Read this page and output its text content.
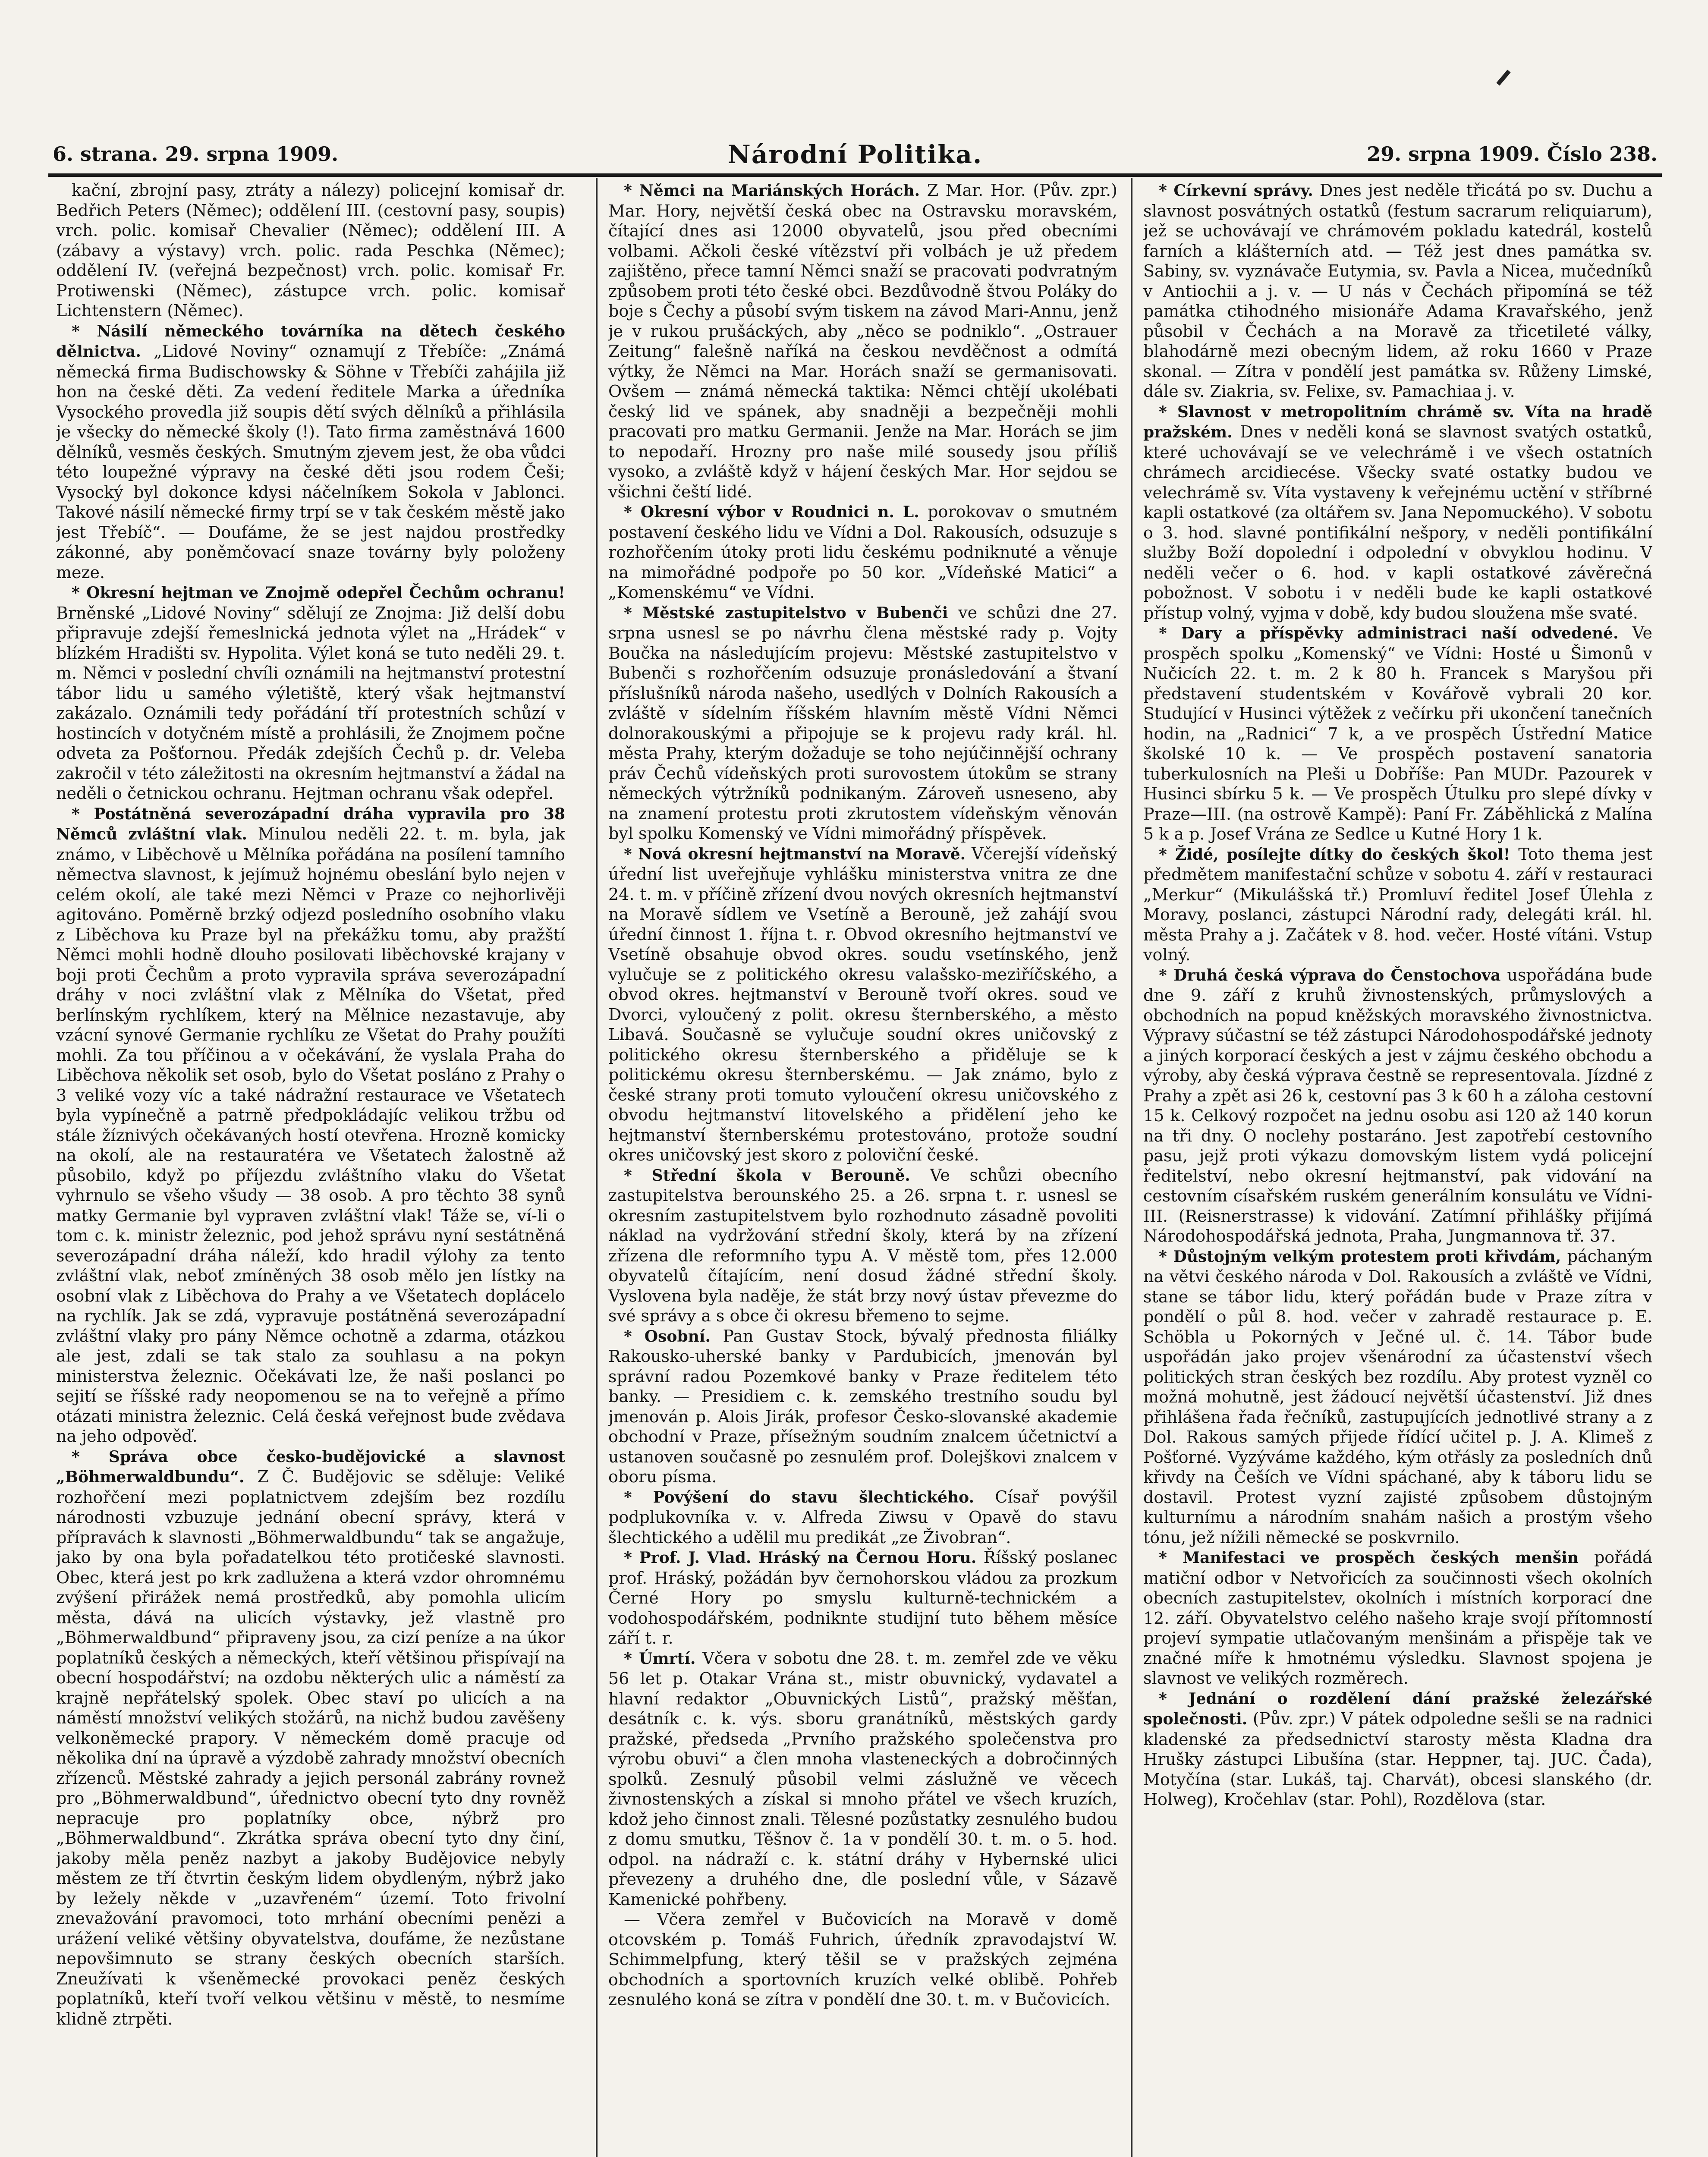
6. strana. 29. srpna 1909.	Národní Politika.	29. srpna 1909. Číslo 238.

kační, zbrojní pasy, ztráty a nálezy) policejní komisař dr. Bedřich Peters (Němec); oddělení III. (cestovní pasy, soupis) vrch. polic. komisař Chevalier (Němec); oddělení III. A (zábavy a výstavy) vrch. polic. rada Peschka (Němec); oddělení IV. (veřejná bezpečnost) vrch. polic. komisař Fr. Protiwenski (Němec), zástupce vrch. polic. komisař Lichtenstern (Němec).

* Násilí německého továrníka na dětech českého dělnictva. „Lidové Noviny“ oznamují z Třebíče: „Známá německá firma Budischowsky & Söhne v Třebíči zahájila již hon na české děti. Za vedení ředitele Marka a úředníka Vysockého provedla již soupis dětí svých dělníků a přihlásila je všecky do německé školy (!). Tato firma zaměstnává 1600 dělníků, vesměs českých. Smutným zjevem jest, že oba vůdci této loupežné výpravy na české děti jsou rodem Češi; Vysocký byl dokonce kdysi náčelníkem Sokola v Jablonci. Takové násilí německé firmy trpí se v tak českém městě jako jest Třebíč“. — Doufáme, že se jest najdou prostředky zákonné, aby poněmčovací snaze továrny byly položeny meze.

* Okresní hejtman ve Znojmě odepřel Čechům ochranu! Brněnské „Lidové Noviny“ sdělují ze Znojma: Již delší dobu připravuje zdejší řemeslnická jednota výlet na „Hrádek“ v blízkém Hradišti sv. Hypolita. Výlet koná se tuto neděli 29. t. m. Němci v poslední chvíli oznámili na hejtmanství protestní tábor lidu u samého výletiště, který však hejtmanství zakázalo. Oznámili tedy pořádání tří protestních schůzí v hostincích v dotyčném místě a prohlásili, že Znojmem počne odveta za Pošťornou. Předák zdejších Čechů p. dr. Veleba zakročil v této záležitosti na okresním hejtmanství a žádal na neděli o četnickou ochranu. Hejtman ochranu však odepřel.

* Postátněná severozápadní dráha vypravila pro 38 Němců zvláštní vlak. Minulou neděli 22. t. m. byla, jak známo, v Liběchově u Mělníka pořádána na posílení tamního němectva slavnost, k jejímuž hojnému obeslání bylo nejen v celém okolí, ale také mezi Němci v Praze co nejhorlivěji agitováno. Poměrně brzký odjezd posledního osobního vlaku z Liběchova ku Praze byl na překážku tomu, aby pražští Němci mohli hodně dlouho posilovati liběchovské krajany v boji proti Čechům a proto vypravila správa severozápadní dráhy v noci zvláštní vlak z Mělníka do Všetat, před berlínským rychlíkem, který na Mělnice nezastavuje, aby vzácní synové Germanie rychlíku ze Všetat do Prahy použíti mohli. Za tou příčinou a v očekávání, že vyslala Praha do Liběchova několik set osob, bylo do Všetat posláno z Prahy o 3 veliké vozy víc a také nádražní restaurace ve Všetatech byla vypínečně a patrně předpokládajíc velikou tržbu od stále žíznivých očekávaných hostí otevřena. Hrozně komicky na okolí, ale na restauratéra ve Všetatech žalostně až působilo, když po příjezdu zvláštního vlaku do Všetat vyhrnulo se všeho všudy — 38 osob. A pro těchto 38 synů matky Germanie byl vypraven zvláštní vlak! Táže se, ví-li o tom c. k. ministr železnic, pod jehož správu nyní sestátněná severozápadní dráha náleží, kdo hradil výlohy za tento zvláštní vlak, neboť zmíněných 38 osob mělo jen lístky na osobní vlak z Liběchova do Prahy a ve Všetatech doplácelo na rychlík. Jak se zdá, vypravuje postátněná severozápadní zvláštní vlaky pro pány Němce ochotně a zdarma, otázkou ale jest, zdali se tak stalo za souhlasu a na pokyn ministerstva železnic. Očekávati lze, že naši poslanci po sejití se říšské rady neopomenou se na to veřejně a přímo otázati ministra železnic. Celá česká veřejnost bude zvědava na jeho odpověď.

* Správa obce česko-budějovické a slavnost „Böhmerwaldbundu“. Z Č. Budějovic se sděluje: Veliké rozhořčení mezi poplatnictvem zdejším bez rozdílu národnosti vzbuzuje jednání obecní správy, která v přípravách k slavnosti „Böhmerwaldbundu“ tak se angažuje, jako by ona byla pořadatelkou této protičeské slavnosti. Obec, která jest po krk zadlužena a která vzdor ohromnému zvýšení přirážek nemá prostředků, aby pomohla ulicím města, dává na ulicích výstavky, jež vlastně pro „Böhmerwaldbund“ připraveny jsou, za cizí peníze a na úkor poplatníků českých a německých, kteří většinou přispívají na obecní hospodářství; na ozdobu některých ulic a náměstí za krajně nepřátelský spolek. Obec staví po ulicích a na náměstí množství velikých stožárů, na nichž budou zavěšeny velkoněmecké prapory. V německém domě pracuje od několika dní na úpravě a výzdobě zahrady množství obecních zřízenců. Městské zahrady a jejich personál zabrány rovnež pro „Böhmerwaldbund“, úřednictvo obecní tyto dny rovněž nepracuje pro poplatníky obce, nýbrž pro „Böhmerwaldbund“. Zkrátka správa obecní tyto dny činí, jakoby měla peněz nazbyt a jakoby Budějovice nebyly městem ze tří čtvrtin českým lidem obydleným, nýbrž jako by ležely někde v „uzavřeném“ území. Toto frivolní znevažování pravomoci, toto mrhání obecními penězi a urážení veliké většiny obyvatelstva, doufáme, že nezůstane nepovšimnuto se strany českých obecních starších. Zneužívati k všeněmecké provokaci peněz českých poplatníků, kteří tvoří velkou většinu v městě, to nesmíme klidně ztrpěti.

* Němci na Mariánských Horách. Z Mar. Hor. (Pův. zpr.) Mar. Hory, největší česká obec na Ostravsku moravském, čítající dnes asi 12000 obyvatelů, jsou před obecními volbami. Ačkoli české vítězství při volbách je už předem zajištěno, přece tamní Němci snaží se pracovati podvratným způsobem proti této české obci. Bezdůvodně štvou Poláky do boje s Čechy a působí svým tiskem na závod Mari-Annu, jenž je v rukou prušáckých, aby „něco se podniklo“. „Ostrauer Zeitung“ falešně naříká na českou nevděčnost a odmítá výtky, že Němci na Mar. Horách snaží se germanisovati. Ovšem — známá německá taktika: Němci chtějí ukolébati český lid ve spánek, aby snadněji a bezpečněji mohli pracovati pro matku Germanii. Jenže na Mar. Horách se jim to nepodaří. Hrozny pro naše milé sousedy jsou příliš vysoko, a zvláště když v hájení českých Mar. Hor sejdou se všichni čeští lidé.

* Okresní výbor v Roudnici n. L. porokovav o smutném postavení českého lidu ve Vídni a Dol. Rakousích, odsuzuje s rozhořčením útoky proti lidu českému podniknuté a věnuje na mimořádné podpoře po 50 kor. „Vídeňské Matici“ a „Komenskému“ ve Vídni.

* Městské zastupitelstvo v Bubenči ve schůzi dne 27. srpna usnesl se po návrhu člena městské rady p. Vojty Boučka na následujícím projevu: Městské zastupitelstvo v Bubenči s rozhořčením odsuzuje pronásledování a štvaní příslušníků národa našeho, usedlých v Dolních Rakousích a zvláště v sídelním říšském hlavním městě Vídni Němci dolnorakouskými a připojuje se k projevu rady král. hl. města Prahy, kterým dožaduje se toho nejúčinnější ochrany práv Čechů vídeňských proti surovostem útokům se strany německých výtržníků podnikaným. Zároveň usneseno, aby na znamení protestu proti zkrutostem vídeňským věnován byl spolku Komenský ve Vídni mimořádný příspěvek.

* Nová okresní hejtmanství na Moravě. Včerejší vídeňský úřední list uveřejňuje vyhlášku ministerstva vnitra ze dne 24. t. m. v příčině zřízení dvou nových okresních hejtmanství na Moravě sídlem ve Vsetíně a Berouně, jež zahájí svou úřední činnost 1. října t. r. Obvod okresního hejtmanství ve Vsetíně obsahuje obvod okres. soudu vsetínského, jenž vylučuje se z politického okresu valašsko-meziříčského, a obvod okres. hejtmanství v Berouně tvoří okres. soud ve Dvorci, vyloučený z polit. okresu šternberského, a město Libavá. Současně se vylučuje soudní okres uničovský z politického okresu šternberského a přiděluje se k politickému okresu šternberskému. — Jak známo, bylo z české strany proti tomuto vyloučení okresu uničovského z obvodu hejtmanství litovelského a přidělení jeho ke hejtmanství šternberskému protestováno, protože soudní okres uničovský jest skoro z poloviční české.

* Střední škola v Berouně. Ve schůzi obecního zastupitelstva berounského 25. a 26. srpna t. r. usnesl se okresním zastupitelstvem bylo rozhodnuto zásadně povoliti náklad na vydržování střední školy, která by na zřízení zřízena dle reformního typu A. V městě tom, přes 12.000 obyvatelů čítajícím, není dosud žádné střední školy. Vyslovena byla naděje, že stát brzy nový ústav převezme do své správy a s obce či okresu břemeno to sejme.

* Osobní. Pan Gustav Stock, bývalý přednosta filiálky Rakousko-uherské banky v Pardubicích, jmenován byl správní radou Pozemkové banky v Praze ředitelem této banky. — Presidiem c. k. zemského trestního soudu byl jmenován p. Alois Jirák, profesor Česko-slovanské akademie obchodní v Praze, přísežným soudním znalcem účetnictví a ustanoven současně po zesnulém prof. Dolejškovi znalcem v oboru písma.

* Povýšení do stavu šlechtického. Císař povýšil podplukovníka v. v. Alfreda Ziwsu v Opavě do stavu šlechtického a udělil mu predikát „ze Živobran“.

* Prof. J. Vlad. Hráský na Černou Horu. Říšský poslanec prof. Hráský, požádán byv černohorskou vládou za prozkum Černé Hory po smyslu kulturně-technickém a vodohospodářském, podniknte studijní tuto během měsíce září t. r.

* Úmrtí. Včera v sobotu dne 28. t. m. zemřel zde ve věku 56 let p. Otakar Vrána st., mistr obuvnický, vydavatel a hlavní redaktor „Obuvnických Listů“, pražský měšťan, desátník c. k. výs. sboru granátníků, městských gardy pražské, předseda „Prvního pražského společenstva pro výrobu obuvi“ a člen mnoha vlasteneckých a dobročinných spolků. Zesnulý působil velmi záslužně ve věcech živnostenských a získal si mnoho přátel ve všech kruzích, kdož jeho činnost znali. Tělesné pozůstatky zesnulého budou z domu smutku, Těšnov č. 1a v pondělí 30. t. m. o 5. hod. odpol. na nádraží c. k. státní dráhy v Hybernské ulici převezeny a druhého dne, dle poslední vůle, v Sázavě Kamenické pohřbeny.

— Včera zemřel v Bučovicích na Moravě v domě otcovském p. Tomáš Fuhrich, úředník zpravodajství W. Schimmelpfung, který těšil se v pražských zejména obchodních a sportovních kruzích velké oblibě. Pohřeb zesnulého koná se zítra v pondělí dne 30. t. m. v Bučovicích.

* Církevní správy. Dnes jest neděle třicátá po sv. Duchu a slavnost posvátných ostatků (festum sacrarum reliquiarum), jež se uchovávají ve chrámovém pokladu katedrál, kostelů farních a klášterních atd. — Též jest dnes památka sv. Sabiny, sv. vyznávače Eutymia, sv. Pavla a Nicea, mučedníků v Antiochii a j. v. — U nás v Čechách připomíná se též památka ctihodného misionáře Adama Kravařského, jenž působil v Čechách a na Moravě za třicetileté války, blahodárně mezi obecným lidem, až roku 1660 v Praze skonal. — Zítra v pondělí jest památka sv. Růženy Limské, dále sv. Ziakria, sv. Felixe, sv. Pamachiaa j. v.

* Slavnost v metropolitním chrámě sv. Víta na hradě pražském. Dnes v neděli koná se slavnost svatých ostatků, které uchovávají se ve velechrámě i ve všech ostatních chrámech arcidiecése. Všecky svaté ostatky budou ve velechrámě sv. Víta vystaveny k veřejnému uctění v stříbrné kapli ostatkové (za oltářem sv. Jana Nepomuckého). V sobotu o 3. hod. slavné pontifikální nešpory, v neděli pontifikální služby Boží dopolední i odpolední v obvyklou hodinu. V neděli večer o 6. hod. v kapli ostatkové závěrečná pobožnost. V sobotu i v neděli bude ke kapli ostatkové přístup volný, vyjma v době, kdy budou sloužena mše svaté.

* Dary a příspěvky administraci naší odvedené. Ve prospěch spolku „Komenský“ ve Vídni: Hosté u Šimonů v Nučicích 22. t. m. 2 k 80 h. Francek s Maryšou při představení studentském v Kovářově vybrali 20 kor. Studující v Husinci výtěžek z večírku při ukončení tanečních hodin, na „Radnici“ 7 k, a ve prospěch Ústřední Matice školské 10 k. — Ve prospěch postavení sanatoria tuberkulosních na Pleši u Dobříše: Pan MUDr. Pazourek v Husinci sbírku 5 k. — Ve prospěch Útulku pro slepé dívky v Praze—III. (na ostrově Kampě): Paní Fr. Záběhlická z Malína 5 k a p. Josef Vrána ze Sedlce u Kutné Hory 1 k.

* Židé, posílejte dítky do českých škol! Toto thema jest předmětem manifestační schůze v sobotu 4. září v restauraci „Merkur“ (Mikulášská tř.) Promluví ředitel Josef Úlehla z Moravy, poslanci, zástupci Národní rady, delegáti král. hl. města Prahy a j. Začátek v 8. hod. večer. Hosté vítáni. Vstup volný.

* Druhá česká výprava do Čenstochova uspořádána bude dne 9. září z kruhů živnostenských, průmyslových a obchodních na popud kněžských moravského živnostnictva. Výpravy súčastní se též zástupci Národohospodářské jednoty a jiných korporací českých a jest v zájmu českého obchodu a výroby, aby česká výprava čestně se representovala. Jízdné z Prahy a zpět asi 26 k, cestovní pas 3 k 60 h a záloha cestovní 15 k. Celkový rozpočet na jednu osobu asi 120 až 140 korun na tři dny. O noclehy postaráno. Jest zapotřebí cestovního pasu, jejž proti výkazu domovským listem vydá policejní ředitelství, nebo okresní hejtmanství, pak vidování na cestovním císařském ruském generálním konsulátu ve Vídni-III. (Reisnerstrasse) k vidování. Zatímní přihlášky přijímá Národohospodářská jednota, Praha, Jungmannova tř. 37.

* Důstojným velkým protestem proti křivdám, páchaným na větvi českého národa v Dol. Rakousích a zvláště ve Vídni, stane se tábor lidu, který pořádán bude v Praze zítra v pondělí o půl 8. hod. večer v zahradě restaurace p. E. Schöbla u Pokorných v Ječné ul. č. 14. Tábor bude uspořádán jako projev všenárodní za účastenství všech politických stran českých bez rozdílu. Aby protest vyzněl co možná mohutně, jest žádoucí největší účastenství. Již dnes přihlášena řada řečníků, zastupujících jednotlivé strany a z Dol. Rakous samých přijede řídící učitel p. J. A. Klimeš z Pošťorné. Vyzýváme každého, kým otřásly za posledních dnů křivdy na Češích ve Vídni spáchané, aby k táboru lidu se dostavil. Protest vyzní zajisté způsobem důstojným kulturnímu a národním snahám našich a prostým všeho tónu, jež nížili německé se poskvrnilo.

* Manifestaci ve prospěch českých menšin pořádá matiční odbor v Netvořicích za součinnosti všech okolních obecních zastupitelstev, okolních i místních korporací dne 12. září. Obyvatelstvo celého našeho kraje svojí přítomností projeví sympatie utlačovaným menšinám a přispěje tak ve značné míře k hmotnému výsledku. Slavnost spojena je slavnost ve velikých rozměrech.

* Jednání o rozdělení dání pražské železářské společnosti. (Pův. zpr.) V pátek odpoledne sešli se na radnici kladenské za předsednictví starosty města Kladna dra Hrušky zástupci Libušína (star. Heppner, taj. JUC. Čada), Motyčína (star. Lukáš, taj. Charvát), obcesi slanského (dr. Holweg), Kročehlav (star. Pohl), Rozdělova (star.
